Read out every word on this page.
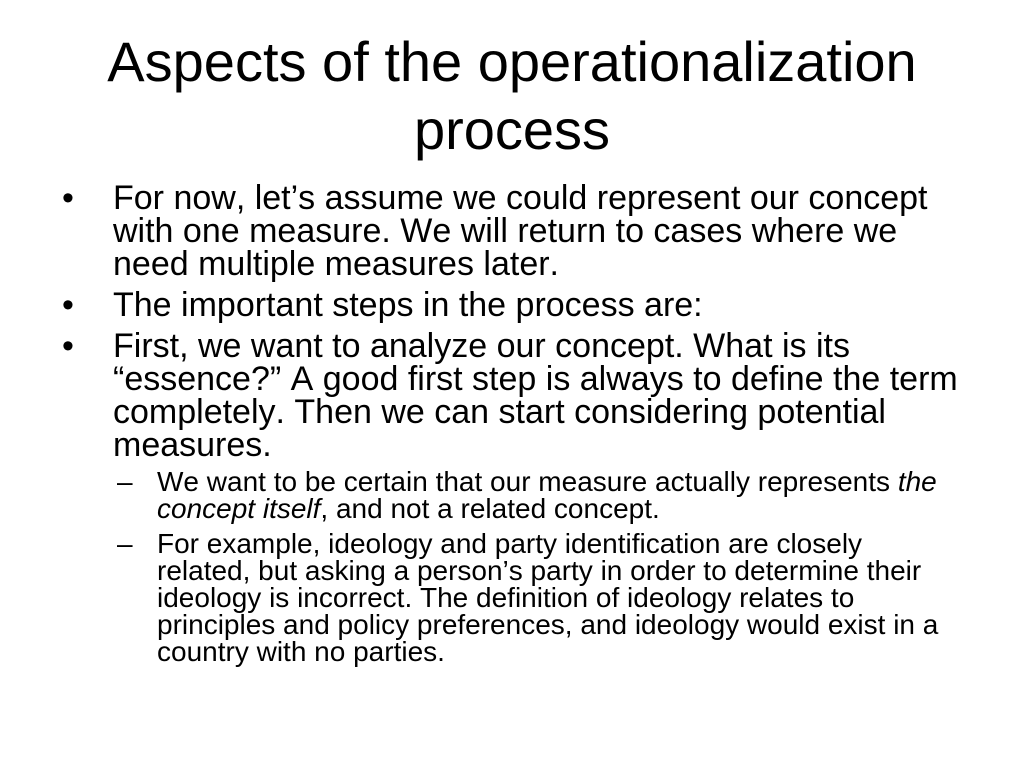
Aspects of the operationalization process
• For now, let’s assume we could represent our concept with one measure. We will return to cases where we need multiple measures later.
• The important steps in the process are:
• First, we want to analyze our concept. What is its “essence?” A good first step is always to define the term completely. Then we can start considering potential measures.
– We want to be certain that our measure actually represents the concept itself, and not a related concept.
– For example, ideology and party identification are closely related, but asking a person’s party in order to determine their ideology is incorrect. The definition of ideology relates to principles and policy preferences, and ideology would exist in a country with no parties.
